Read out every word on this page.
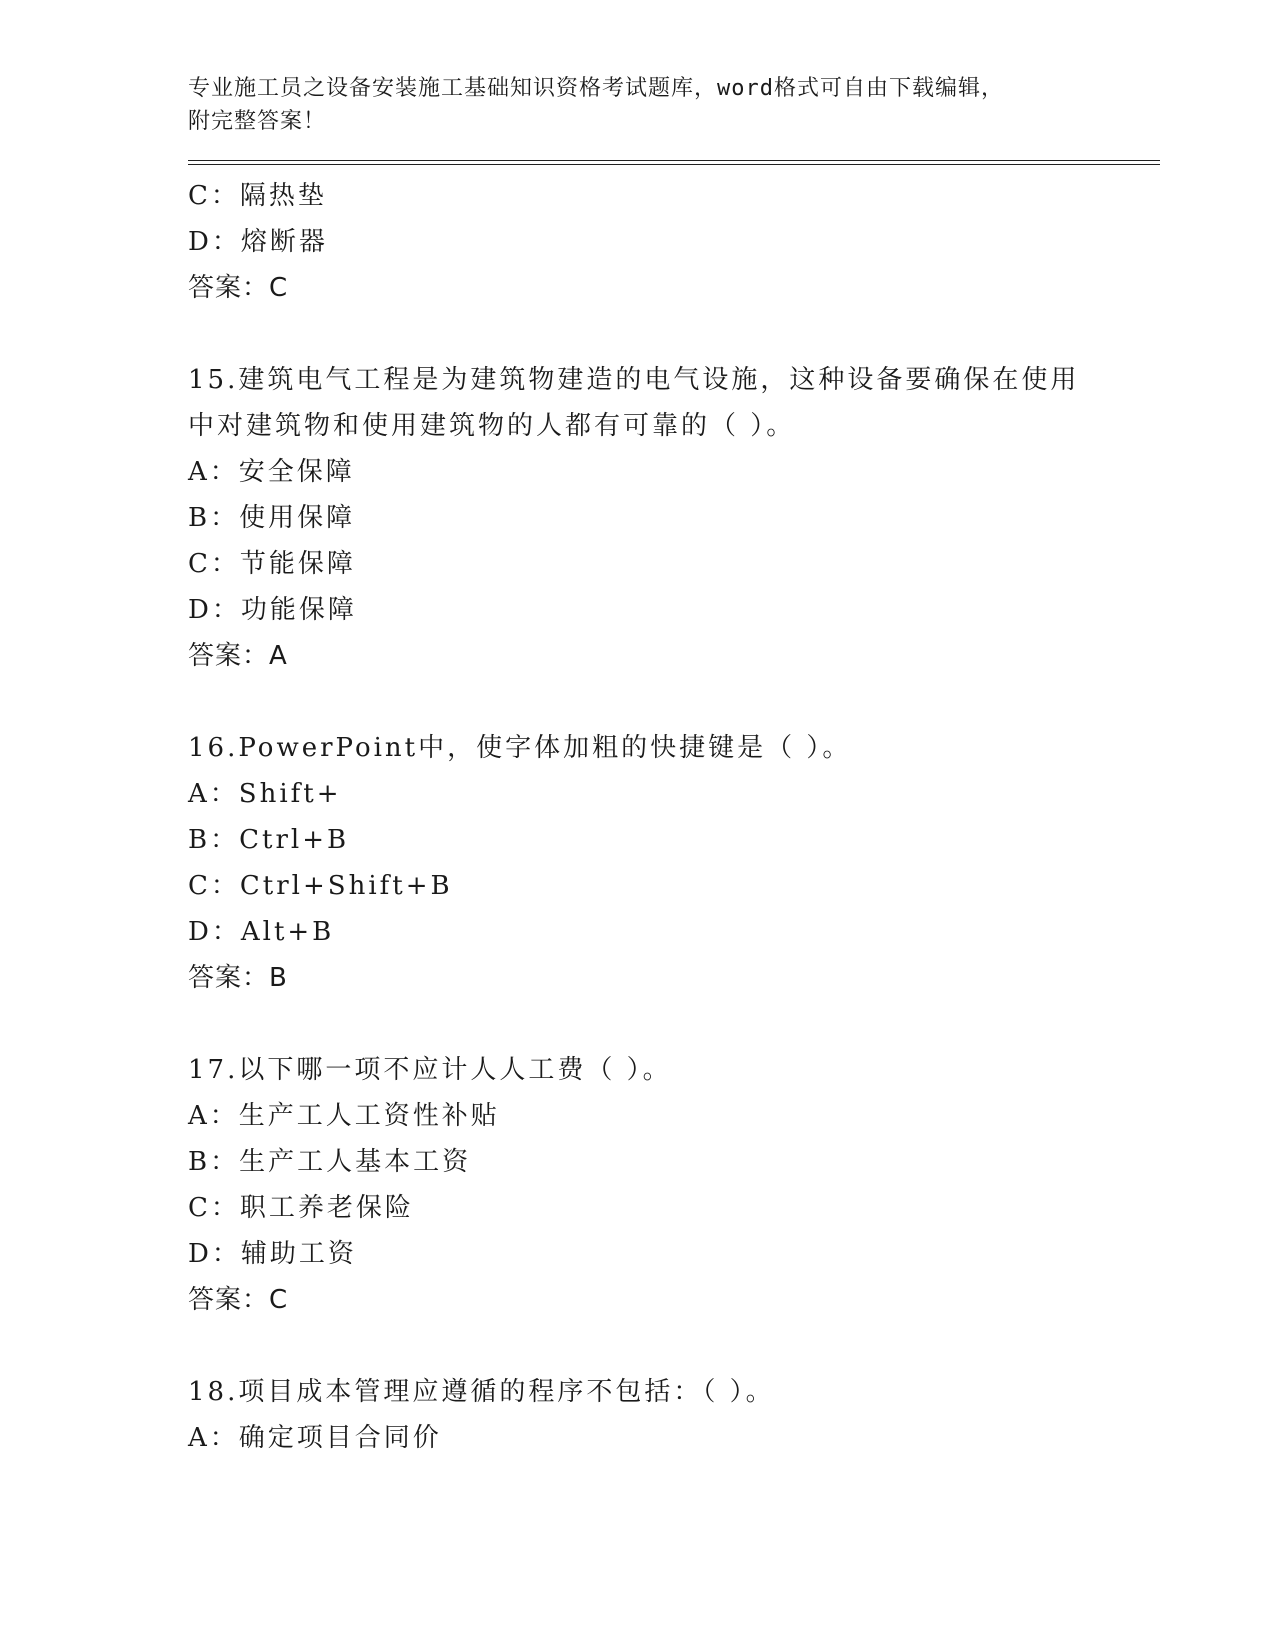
专业施工员之设备安装施工基础知识资格考试题库，word格式可自由下载编辑，
附完整答案！
C：隔热垫
D：熔断器
答案：C
15.建筑电气工程是为建筑物建造的电气设施，这种设备要确保在使用中对建筑物和使用建筑物的人都有可靠的（ ）。
A：安全保障
B：使用保障
C：节能保障
D：功能保障
答案：A
16.PowerPoint中，使字体加粗的快捷键是（ ）。
A：Shift+
B：Ctrl+B
C：Ctrl+Shift+B
D：Alt+B
答案：B
17.以下哪一项不应计人人工费（ ）。
A：生产工人工资性补贴
B：生产工人基本工资
C：职工养老保险
D：辅助工资
答案：C
18.项目成本管理应遵循的程序不包括：（ ）。
A：确定项目合同价
